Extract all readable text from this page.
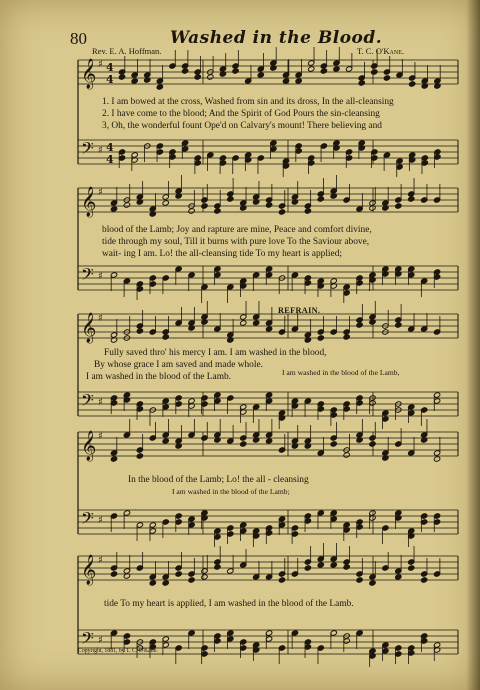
80	Washed in the Blood.
Rev. E. A. Hoffman.	T. C. O'Kane.
𝄞
𝄢
♯
♯
4
4
4
4
𝄞
𝄢
♯
♯
𝄞
𝄢
♯
♯
𝄞
𝄢
♯
♯
𝄞
𝄢
♯
♯
1. I am bowed at the cross, Washed from sin and its dross, In the all-cleansing
2. I have come to the blood; And the Spirit of God Pours the sin-cleansing
3, Oh, the wonderful fount Ope'd on Calvary's mount! There believing and
blood of the Lamb; Joy and rapture are mine, Peace and comfort divine,
tide through my soul, Till it burns with pure love To the Saviour above,
wait- ing I am. Lo! the all-cleansing tide To my heart is applied;
REFRAIN.
Fully saved thro' his mercy I am. I am washed in the blood,
By whose grace I am saved and made whole.
I am washed in the blood of the Lamb.	I am washed in the blood of the Lamb,
In the blood of the Lamb; Lo! the all - cleansing
I am washed in the blood of the Lamb;
tide To my heart is applied, I am washed in the blood of the Lamb.
Copyright, 1881, by T. C. O'Kane.
